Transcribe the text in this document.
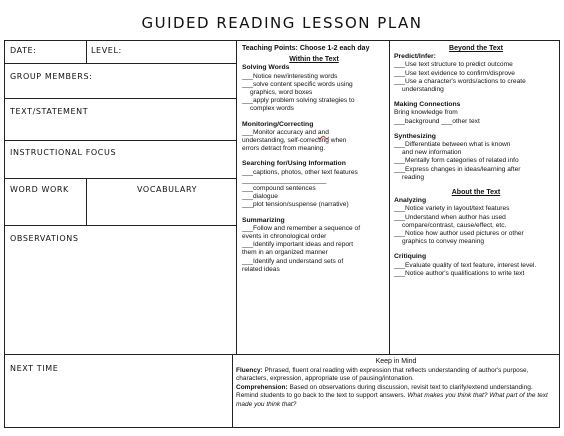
GUIDED READING LESSON PLAN
DATE:	LEVEL:
GROUP MEMBERS:
TEXT/STATEMENT
INSTRUCTIONAL FOCUS
WORD WORK	VOCABULARY
OBSERVATIONS
NEXT TIME

Teaching Points: Choose 1-2 each day

Within the Text

Solving Words

___Notice new/interesting words

___solve content specific words using

graphics, word boxes

___apply problem solving strategies to

complex words

Monitoring/Correcting

___Monitor accuracy and and

understanding, self-correcting when

errors detract from meaning.

Searching for/Using Information

___captions, photos, other text features

_______________________

___compound sentences

___dialogue

___plot tension/suspense (narrative)

Summarizing

___Follow and remember a sequence of

events in chronological order

___Identify important ideas and report

them in an organized manner

___Identify and understand sets of

related ideas

Beyond the Text

Predict/Infer:

___Use text structure to predict outcome

___Use text evidence to confirm/disprove

___Use a character's words/actions to create

understanding

Making Connections

Bring knowledge from

___background ___other text

Synthesizing

___Differentiate between what is known

and new information

___Mentally form categories of related info

___Express changes in ideas/learning after

reading

About the Text

Analyzing

___Notice variety in layout/text features

___Understand when author has used

compare/contrast, cause/effect, etc.

___Notice how author used pictures or other

graphics to convey meaning

Critiquing

___Evaluate quality of text feature, interest level.

___Notice author's qualifications to write text

Keep in Mind

Fluency: Phrased, fluent oral reading with expression that reflects understanding of author's purpose, characters, expression, appropriate use of pausing/intonation.

Comprehension: Based on observations during discussion, revisit text to clarify/extend understanding. Remind students to go back to the text to support answers. What makes you think that? What part of the text made you think that?
